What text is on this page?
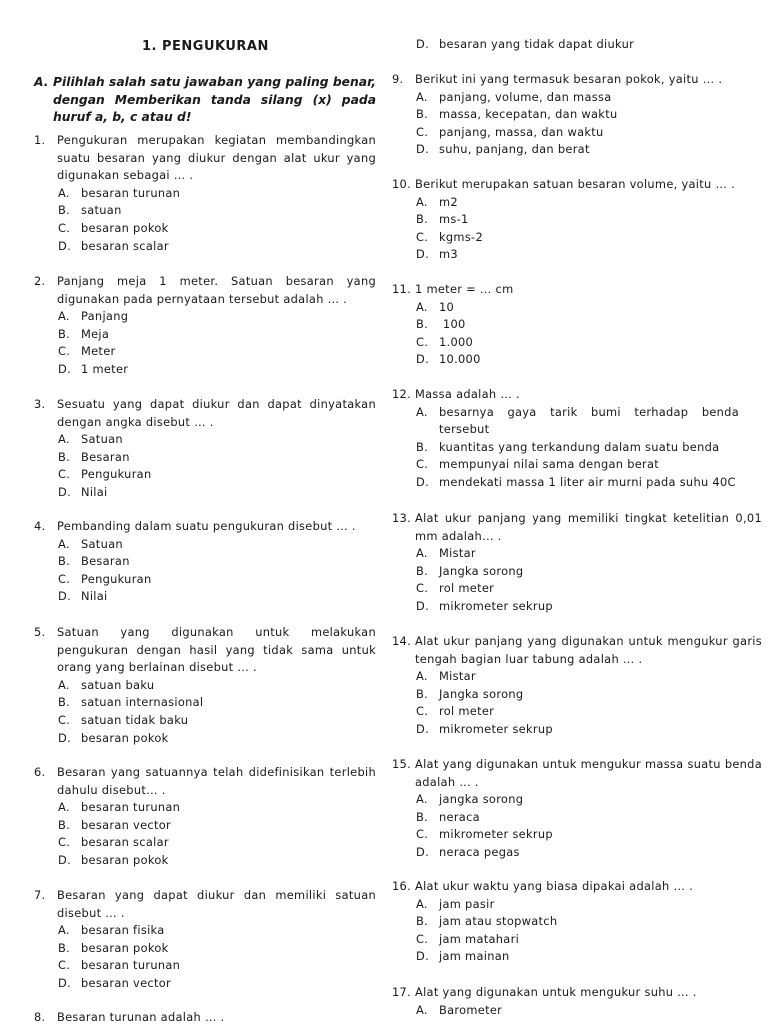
1. PENGUKURAN
A. Pilihlah salah satu jawaban yang paling benar, dengan Memberikan tanda silang (x) pada huruf a, b, c atau d!
1.	Pengukuran merupakan kegiatan membandingkan suatu besaran yang diukur dengan alat ukur yang digunakan sebagai … .
A. besaran turunan
B. satuan
C. besaran pokok
D. besaran scalar
2.	Panjang meja 1 meter. Satuan besaran yang digunakan pada pernyataan tersebut adalah … .
A. Panjang
B. Meja
C. Meter
D. 1 meter
3.	Sesuatu yang dapat diukur dan dapat dinyatakan dengan angka disebut … .
A. Satuan
B. Besaran
C. Pengukuran
D. Nilai
4.	Pembanding dalam suatu pengukuran disebut … .
A. Satuan
B. Besaran
C. Pengukuran
D. Nilai
5.	Satuan yang digunakan untuk melakukan pengukuran dengan hasil yang tidak sama untuk orang yang berlainan disebut … .
A. satuan baku
B. satuan internasional
C. satuan tidak baku
D. besaran pokok
6.	Besaran yang satuannya telah didefinisikan terlebih dahulu disebut… .
A. besaran turunan
B. besaran vector
C. besaran scalar
D. besaran pokok
7.	Besaran yang dapat diukur dan memiliki satuan disebut … .
A. besaran fisika
B. besaran pokok
C. besaran turunan
D. besaran vector
8.	Besaran turunan adalah … .
D. besaran yang tidak dapat diukur
9.	Berikut ini yang termasuk besaran pokok, yaitu … .
A. panjang, volume, dan massa
B. massa, kecepatan, dan waktu
C. panjang, massa, dan waktu
D. suhu, panjang, dan berat
10. Berikut merupakan satuan besaran volume, yaitu … .
A. m2
B. ms-1
C. kgms-2
D. m3
11. 1 meter = … cm
A. 10
B. 100
C. 1.000
D. 10.000
12. Massa adalah … .
A. besarnya gaya tarik bumi terhadap benda tersebut
B. kuantitas yang terkandung dalam suatu benda
C. mempunyai nilai sama dengan berat
D. mendekati massa 1 liter air murni pada suhu 40C
13. Alat ukur panjang yang memiliki tingkat ketelitian 0,01 mm adalah… .
A. Mistar
B. Jangka sorong
C. rol meter
D. mikrometer sekrup
14. Alat ukur panjang yang digunakan untuk mengukur garis tengah bagian luar tabung adalah … .
A. Mistar
B. Jangka sorong
C. rol meter
D. mikrometer sekrup
15. Alat yang digunakan untuk mengukur massa suatu benda adalah … .
A. jangka sorong
B. neraca
C. mikrometer sekrup
D. neraca pegas
16. Alat ukur waktu yang biasa dipakai adalah … .
A. jam pasir
B. jam atau stopwatch
C. jam matahari
D. jam mainan
17. Alat yang digunakan untuk mengukur suhu … .
A. Barometer
